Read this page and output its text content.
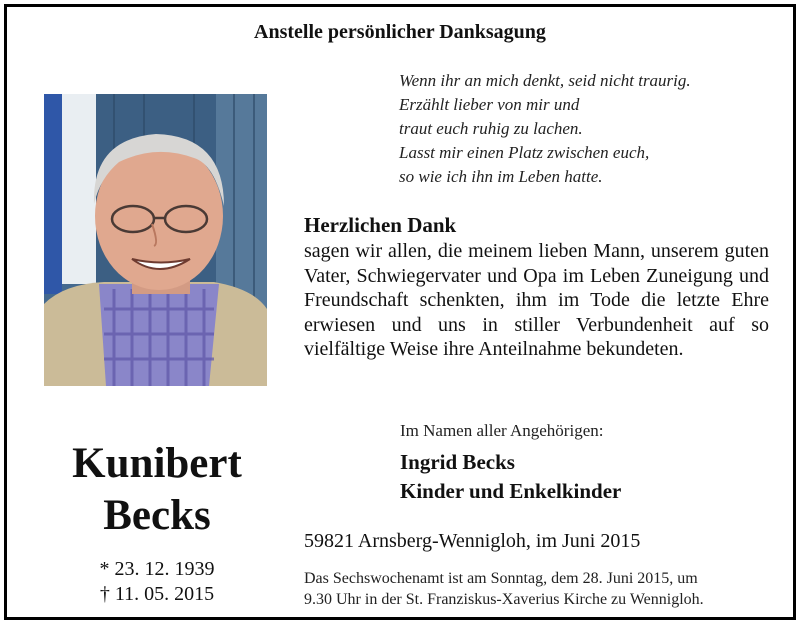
Anstelle persönlicher Danksagung
Wenn ihr an mich denkt, seid nicht traurig.
Erzählt lieber von mir und
traut euch ruhig zu lachen.
Lasst mir einen Platz zwischen euch,
so wie ich ihn im Leben hatte.
Herzlichen Dank
sagen wir allen, die meinem lieben Mann, unserem guten Vater, Schwiegervater und Opa im Leben Zuneigung und Freundschaft schenkten, ihm im Tode die letzte Ehre erwiesen und uns in stiller Verbundenheit auf so vielfältige Weise ihre Anteilnahme bekundeten.
Kunibert
Becks
* 23. 12. 1939
† 11. 05. 2015
Im Namen aller Angehörigen:
Ingrid Becks
Kinder und Enkelkinder
59821 Arnsberg-Wennigloh, im Juni 2015
Das Sechswochenamt ist am Sonntag, dem 28. Juni 2015, um
9.30 Uhr in der St. Franziskus-Xaverius Kirche zu Wennigloh.
